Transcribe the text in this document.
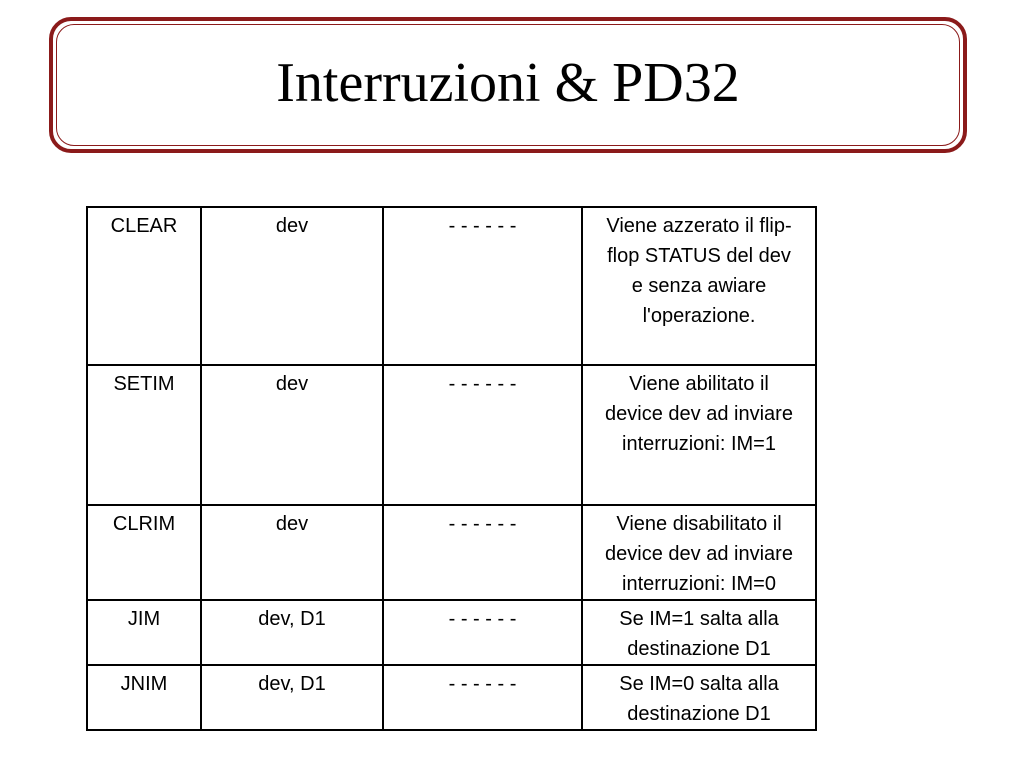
Interruzioni & PD32
CLEAR	dev	- - - - - -	Viene azzerato il flip-
flop STATUS del dev
e senza awiare
l'operazione.
SETIM	dev	- - - - - -	Viene abilitato il
device dev ad inviare
interruzioni: IM=1
CLRIM	dev	- - - - - -	Viene disabilitato il
device dev ad inviare
interruzioni: IM=0
JIM	dev, D1	- - - - - -	Se IM=1 salta alla
destinazione D1
JNIM	dev, D1	- - - - - -	Se IM=0 salta alla
destinazione D1
